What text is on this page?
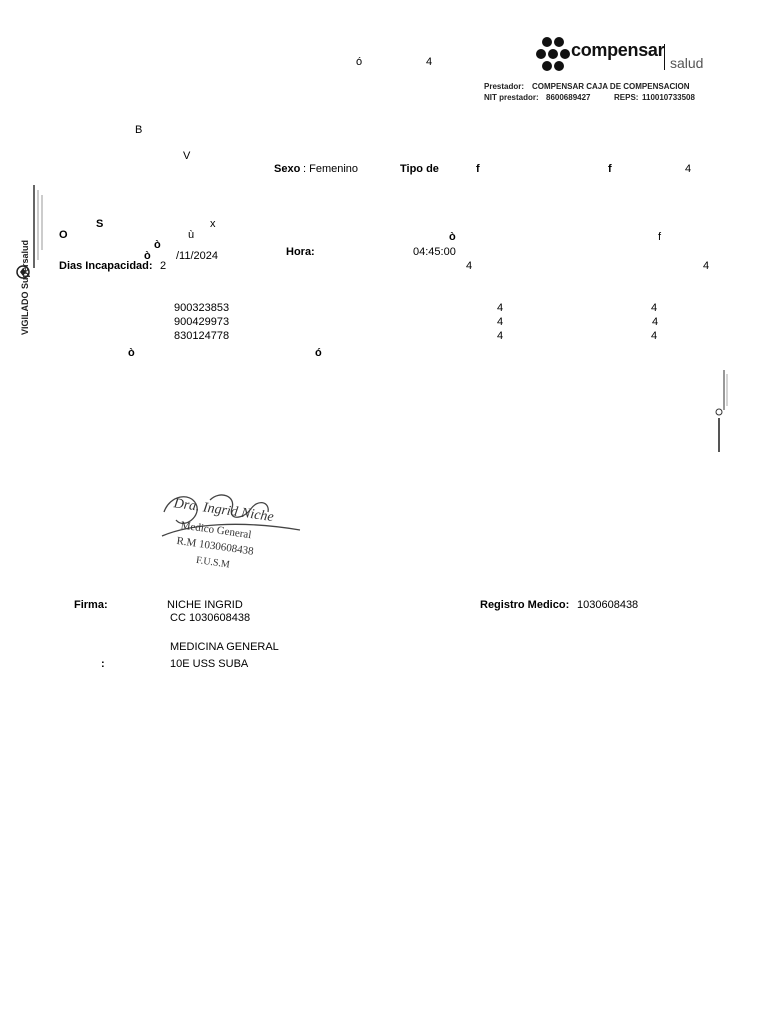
ó	4
compensar
salud
Prestador: COMPENSAR CAJA DE COMPENSACION
NIT prestador: 8600689427	REPS: 110010733508
B
V
Sexo : Femenino	Tipo de	f	f	4
S	x
ù
O
ò
ò /11/2024	Hora:	04:45:00
ò	f
Dias Incapacidad: 2	4	4
900323853	4	4
900429973	4	4
830124778	4	4
ò	ó
VIGILADO Supersalud
Dra. Ingrid Niche
Medico General
R.M 1030608438
F.U.S.M
Firma:	NICHE INGRID
CC 1030608438
Registro Medico: 1030608438
MEDICINA GENERAL
:	10E USS SUBA
